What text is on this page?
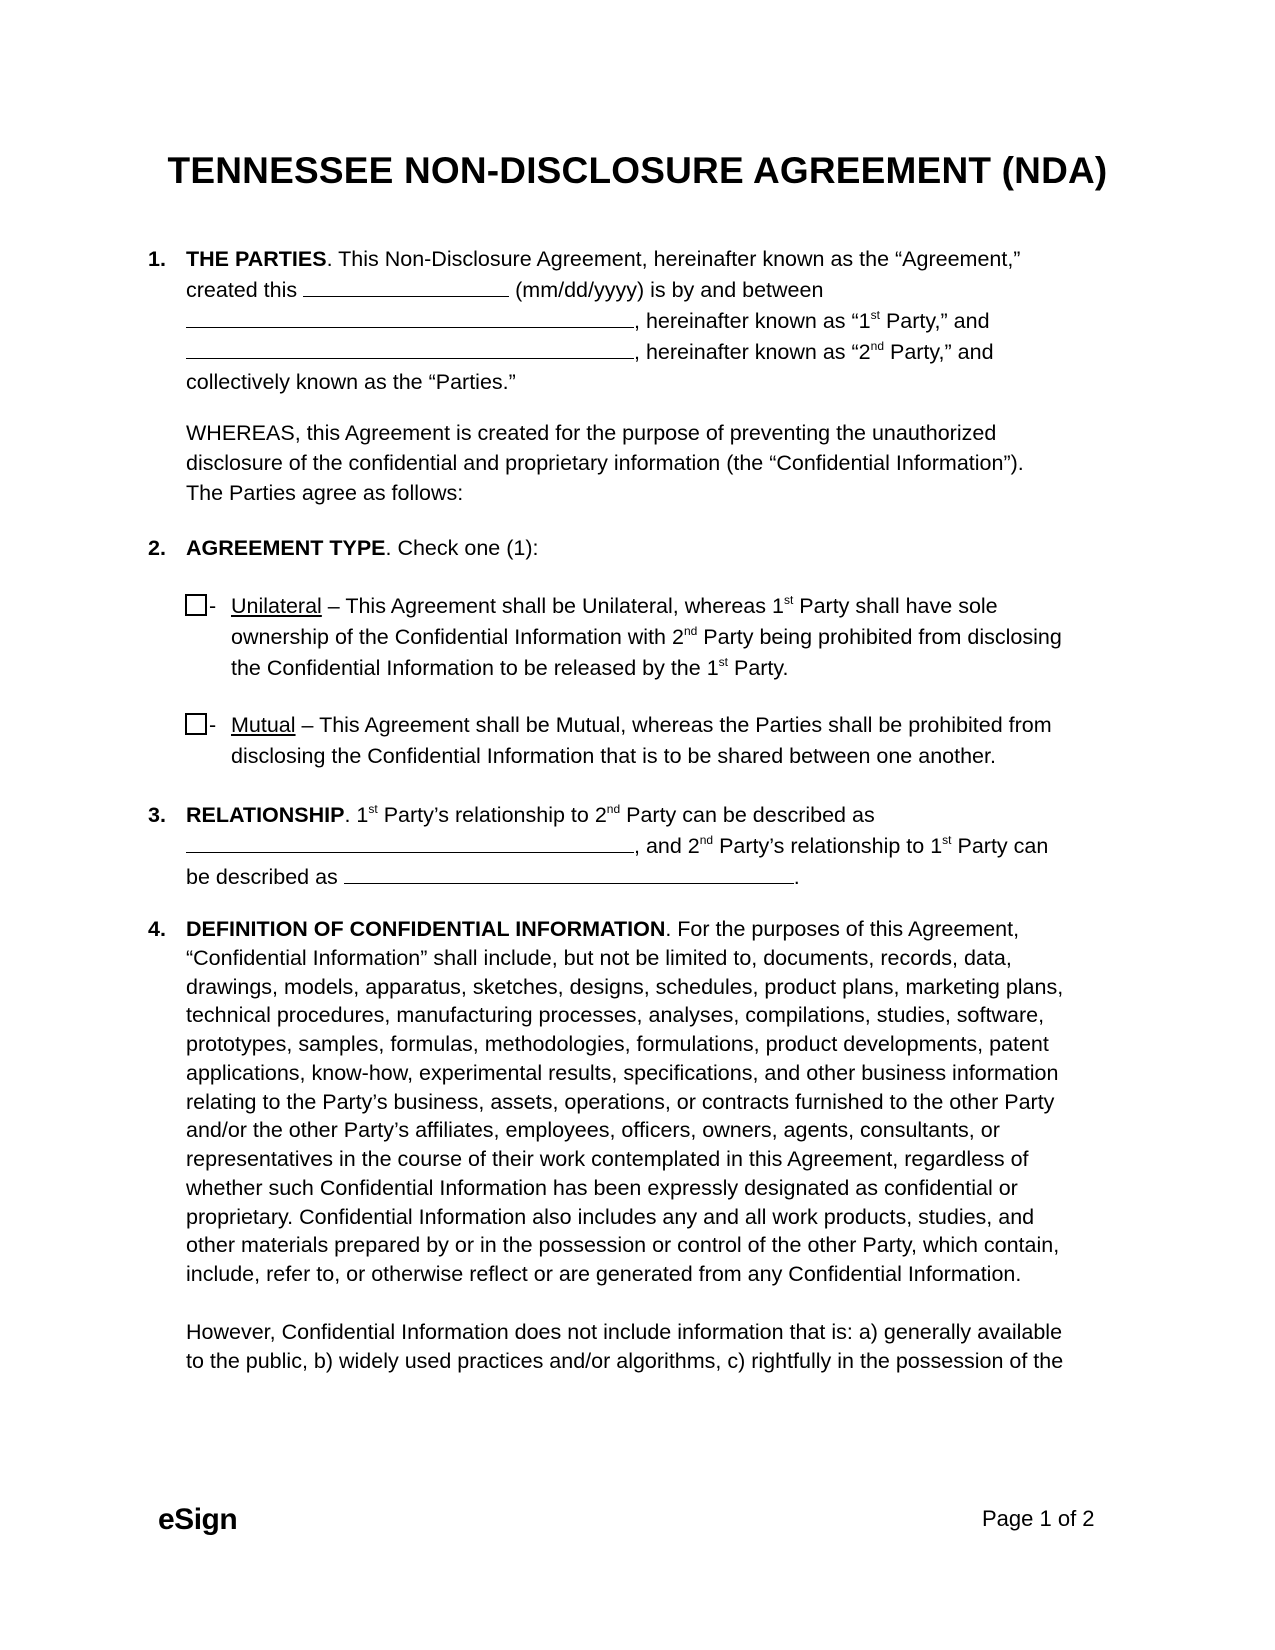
TENNESSEE NON-DISCLOSURE AGREEMENT (NDA)
1. THE PARTIES. This Non-Disclosure Agreement, hereinafter known as the “Agreement,”
created this	(mm/dd/yyyy) is by and between
, hereinafter known as “1st Party,” and
, hereinafter known as “2nd Party,” and
collectively known as the “Parties.”
WHEREAS, this Agreement is created for the purpose of preventing the unauthorized
disclosure of the confidential and proprietary information (the “Confidential Information”).
The Parties agree as follows:
2. AGREEMENT TYPE. Check one (1):
- Unilateral – This Agreement shall be Unilateral, whereas 1st Party shall have sole
ownership of the Confidential Information with 2nd Party being prohibited from disclosing
the Confidential Information to be released by the 1st Party.
- Mutual – This Agreement shall be Mutual, whereas the Parties shall be prohibited from
disclosing the Confidential Information that is to be shared between one another.
3. RELATIONSHIP. 1st Party’s relationship to 2nd Party can be described as
, and 2nd Party’s relationship to 1st Party can
be described as	.
4. DEFINITION OF CONFIDENTIAL INFORMATION. For the purposes of this Agreement,
“Confidential Information” shall include, but not be limited to, documents, records, data,
drawings, models, apparatus, sketches, designs, schedules, product plans, marketing plans,
technical procedures, manufacturing processes, analyses, compilations, studies, software,
prototypes, samples, formulas, methodologies, formulations, product developments, patent
applications, know-how, experimental results, specifications, and other business information
relating to the Party’s business, assets, operations, or contracts furnished to the other Party
and/or the other Party’s affiliates, employees, officers, owners, agents, consultants, or
representatives in the course of their work contemplated in this Agreement, regardless of
whether such Confidential Information has been expressly designated as confidential or
proprietary. Confidential Information also includes any and all work products, studies, and
other materials prepared by or in the possession or control of the other Party, which contain,
include, refer to, or otherwise reflect or are generated from any Confidential Information.
However, Confidential Information does not include information that is: a) generally available
to the public, b) widely used practices and/or algorithms, c) rightfully in the possession of the
eSign	Page 1 of 2
